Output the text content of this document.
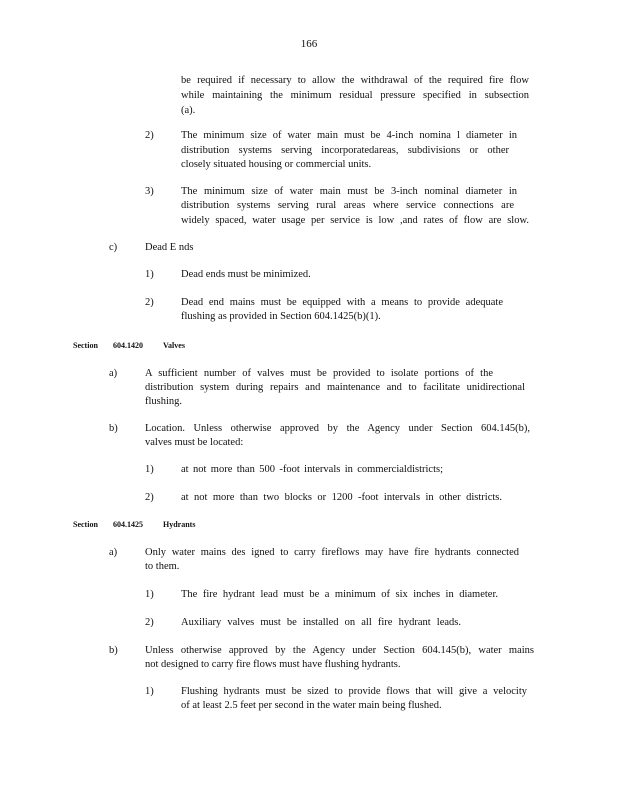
166
be required if necessary to allow the withdrawal of the required fire flow
while maintaining the minimum residual pressure specified in subsection
(a).
2)	The minimum size of water main must be 4-inch nomina l diameter in
distribution systems serving incorporatedareas, subdivisions or other
closely situated housing or commercial units.
3)	The minimum size of water main must be 3-inch nominal diameter in
distribution systems serving rural areas where service connections are
widely spaced, water usage per service is low ,and rates of flow are slow.
c)	Dead E nds
1)	Dead ends must be minimized.
2)	Dead end mains must be equipped with a means to provide adequate
flushing as provided in Section 604.1425(b)(1).
Section 604.1420	Valves
a)	A sufficient number of valves must be provided to isolate portions of the
distribution system during repairs and maintenance and to facilitate unidirectional
flushing.
b)	Location. Unless otherwise approved by the Agency under Section 604.145(b),
valves must be located:
1)	at not more than 500 -foot intervals in commercialdistricts;
2)	at not more than two blocks or 1200 -foot intervals in other districts.
Section 604.1425	Hydrants
a)	Only water mains des igned to carry fireflows may have fire hydrants connected
to them.
1)	The fire hydrant lead must be a minimum of six inches in diameter.
2)	Auxiliary valves must be installed on all fire hydrant leads.
b)	Unless otherwise approved by the Agency under Section 604.145(b), water mains
not designed to carry fire flows must have flushing hydrants.
1)	Flushing hydrants must be sized to provide flows that will give a velocity
of at least 2.5 feet per second in the water main being flushed.
